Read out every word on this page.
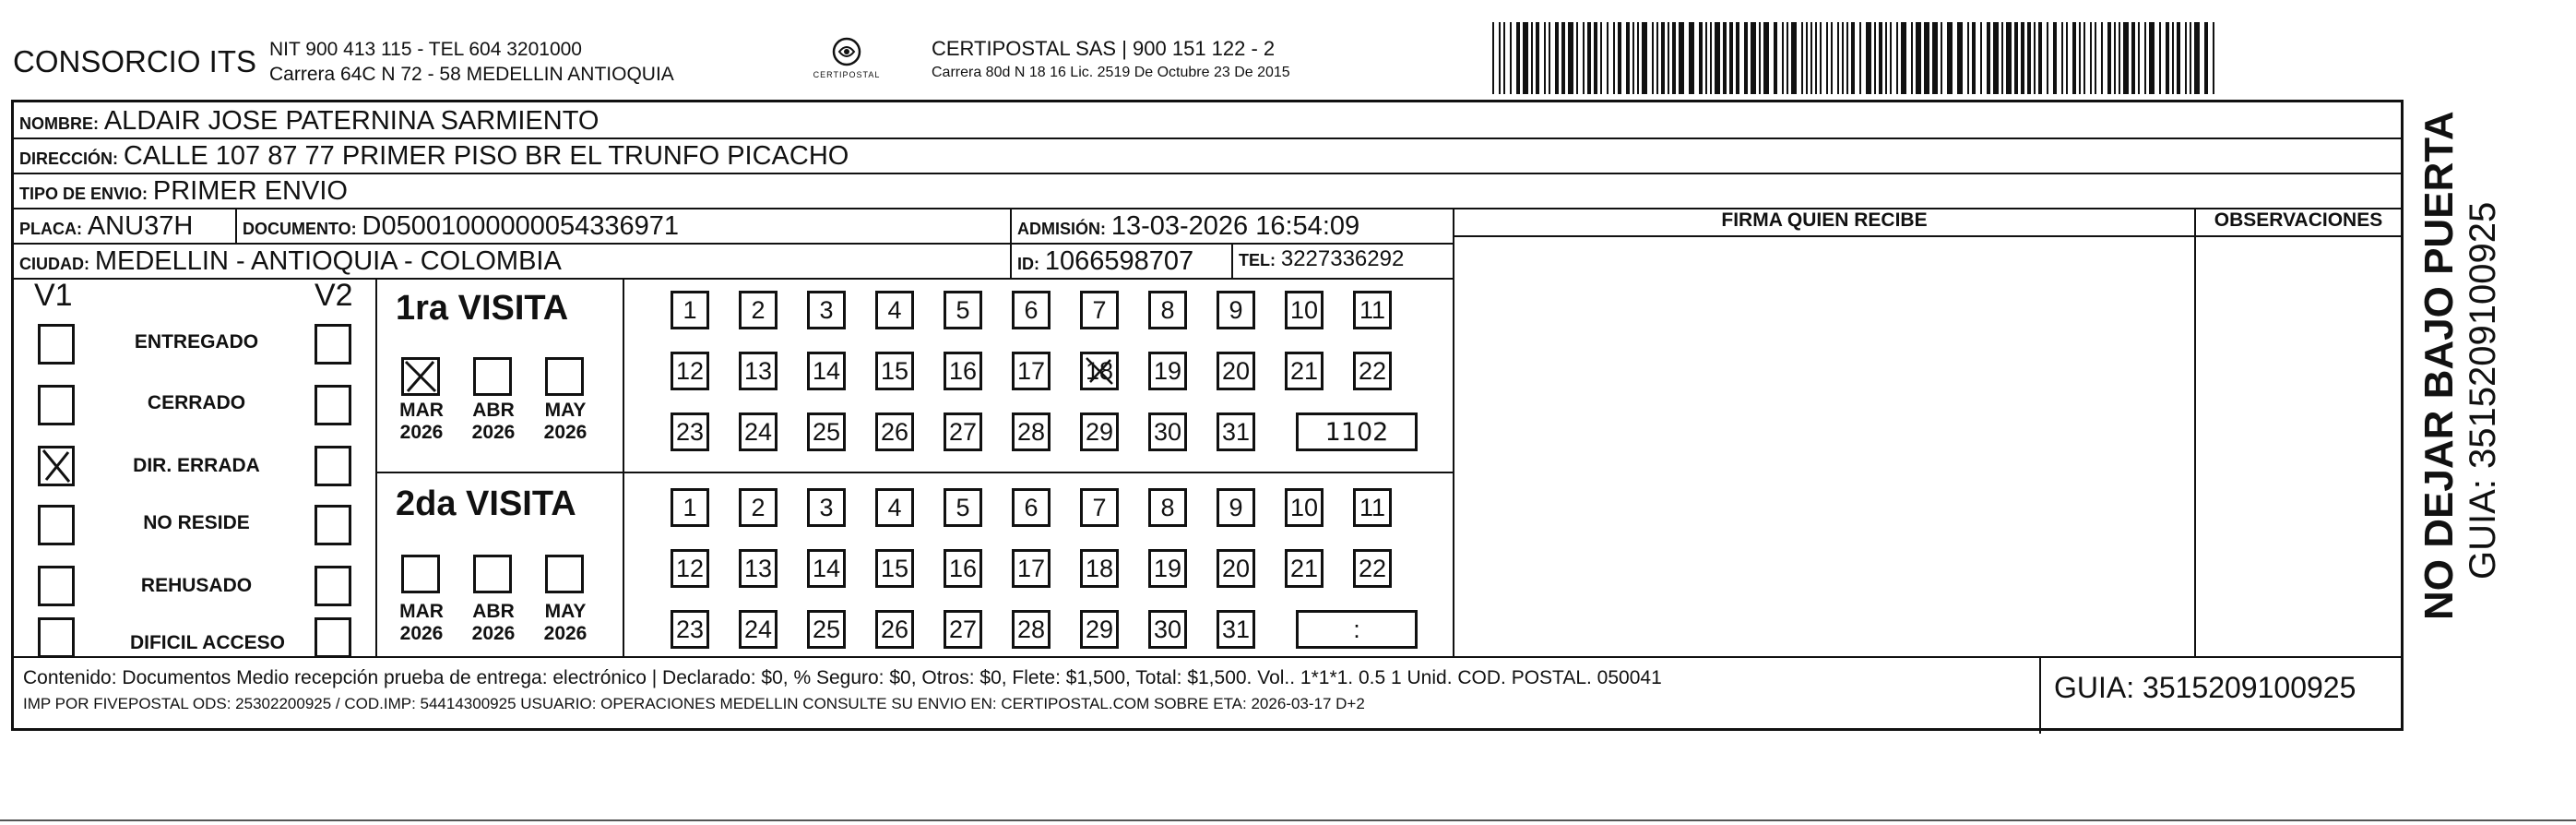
CONSORCIO ITS NIT 900 413 115 - TEL 604 3201000
Carrera 64C N 72 - 58 MEDELLIN ANTIOQUIA	CERTIPOSTAL
CERTIPOSTAL SAS | 900 151 122 - 2
Carrera 80d N 18 16 Lic. 2519 De Octubre 23 De 2015
NOMBRE: ALDAIR JOSE PATERNINA SARMIENTO
DIRECCIÓN: CALLE 107 87 77 PRIMER PISO BR EL TRUNFO PICACHO
TIPO DE ENVIO: PRIMER ENVIO
PLACA: ANU37H	DOCUMENTO: D05001000000054336971	ADMISIÓN: 13-03-2026 16:54:09
CIUDAD: MEDELLIN - ANTIOQUIA - COLOMBIA	ID: 1066598707	TEL: 3227336292
FIRMA QUIEN RECIBE	OBSERVACIONES
V1	V2
ENTREGADO
CERRADO
DIR. ERRADA
NO RESIDE
REHUSADO
DIFICIL ACCESO
1ra VISITA
MAR
2026
ABR
2026
MAY
2026
1	2	3	4	5	6	7	8	9	10 11
12 13 14 15 16 17 18 19 20 21 22
23 24 25 26 27 28 29 30 31	1102
2da VISITA
MAR
2026
ABR
2026
MAY
2026
1	2	3	4	5	6	7	8	9	10 11
12 13 14 15 16 17 18 19 20 21 22
23 24 25 26 27 28 29 30 31	:
Contenido: Documentos Medio recepción prueba de entrega: electrónico | Declarado: $0, % Seguro: $0, Otros: $0, Flete: $1,500, Total: $1,500. Vol.. 1*1*1. 0.5 1 Unid. COD. POSTAL. 050041
IMP POR FIVEPOSTAL ODS: 25302200925 / COD.IMP: 54414300925 USUARIO: OPERACIONES MEDELLIN CONSULTE SU ENVIO EN: CERTIPOSTAL.COM SOBRE ETA: 2026-03-17 D+2	GUIA: 3515209100925
NO DEJAR BAJO PUERTA GUIA: 3515209100925
